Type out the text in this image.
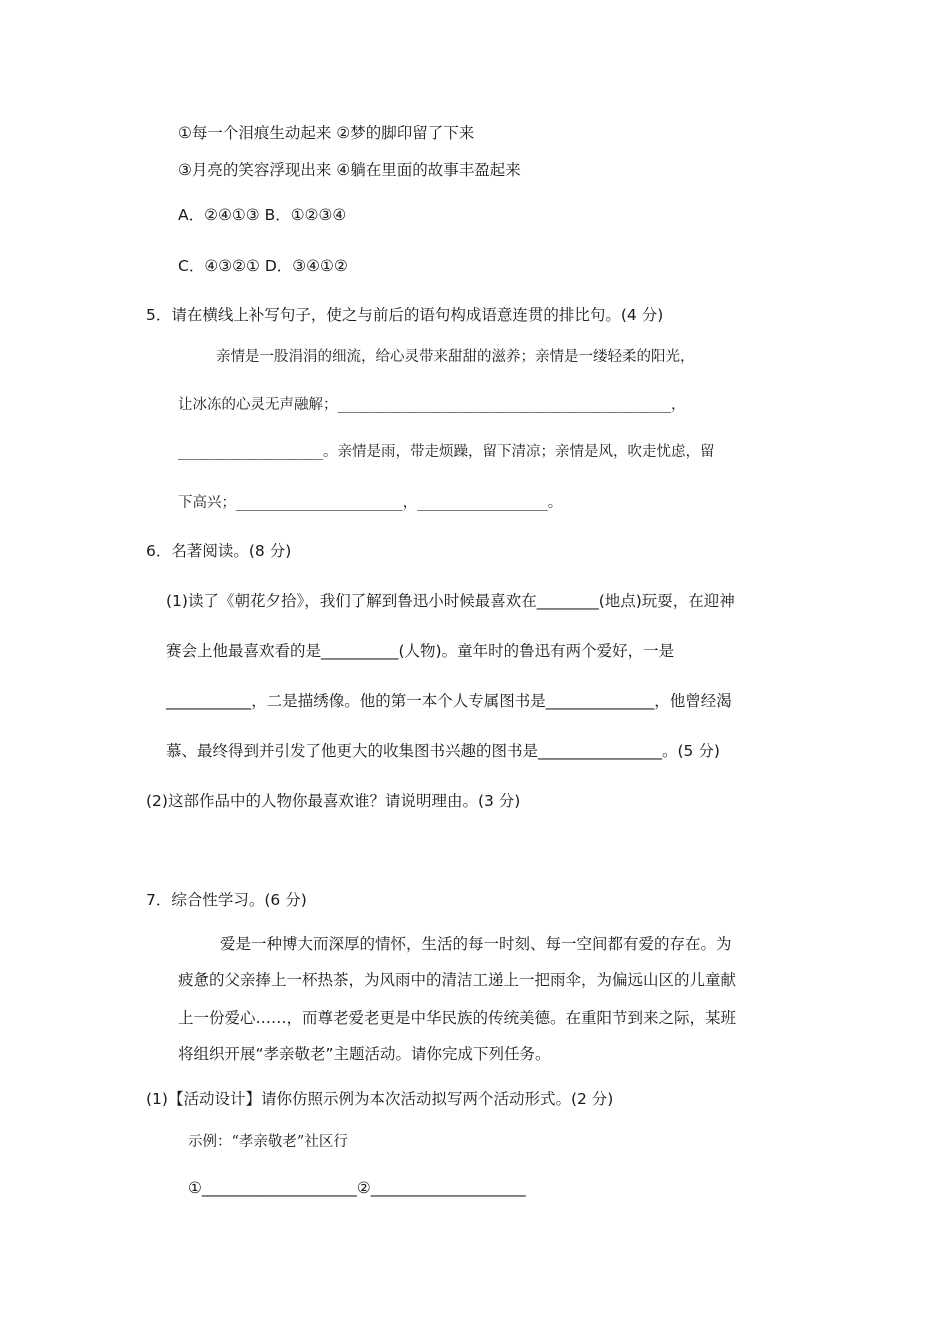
①每一个泪痕生动起来 ②梦的脚印留了下来
③月亮的笑容浮现出来 ④躺在里面的故事丰盈起来
A．②④①③ B．①②③④
C．④③②① D．③④①②
5．请在横线上补写句子，使之与前后的语句构成语意连贯的排比句。(4 分)
亲情是一股涓涓的细流，给心灵带来甜甜的滋养；亲情是一缕轻柔的阳光，
让冰冻的心灵无声融解；______________________________________________，
____________________。亲情是雨，带走烦躁，留下清凉；亲情是风，吹走忧虑，留
下高兴；_______________________，__________________。
6．名著阅读。(8 分)
(1)读了《朝花夕拾》，我们了解到鲁迅小时候最喜欢在________(地点)玩耍，在迎神
赛会上他最喜欢看的是__________(人物)。童年时的鲁迅有两个爱好，一是
___________，二是描绣像。他的第一本个人专属图书是______________，他曾经渴
慕、最终得到并引发了他更大的收集图书兴趣的图书是________________。(5 分)
(2)这部作品中的人物你最喜欢谁？请说明理由。(3 分)
7．综合性学习。(6 分)
爱是一种博大而深厚的情怀，生活的每一时刻、每一空间都有爱的存在。为
疲惫的父亲捧上一杯热茶，为风雨中的清洁工递上一把雨伞，为偏远山区的儿童献
上一份爱心……，而尊老爱老更是中华民族的传统美德。在重阳节到来之际，某班
将组织开展“孝亲敬老”主题活动。请你完成下列任务。
(1)【活动设计】请你仿照示例为本次活动拟写两个活动形式。(2 分)
示例：“孝亲敬老”社区行
①____________________②____________________
